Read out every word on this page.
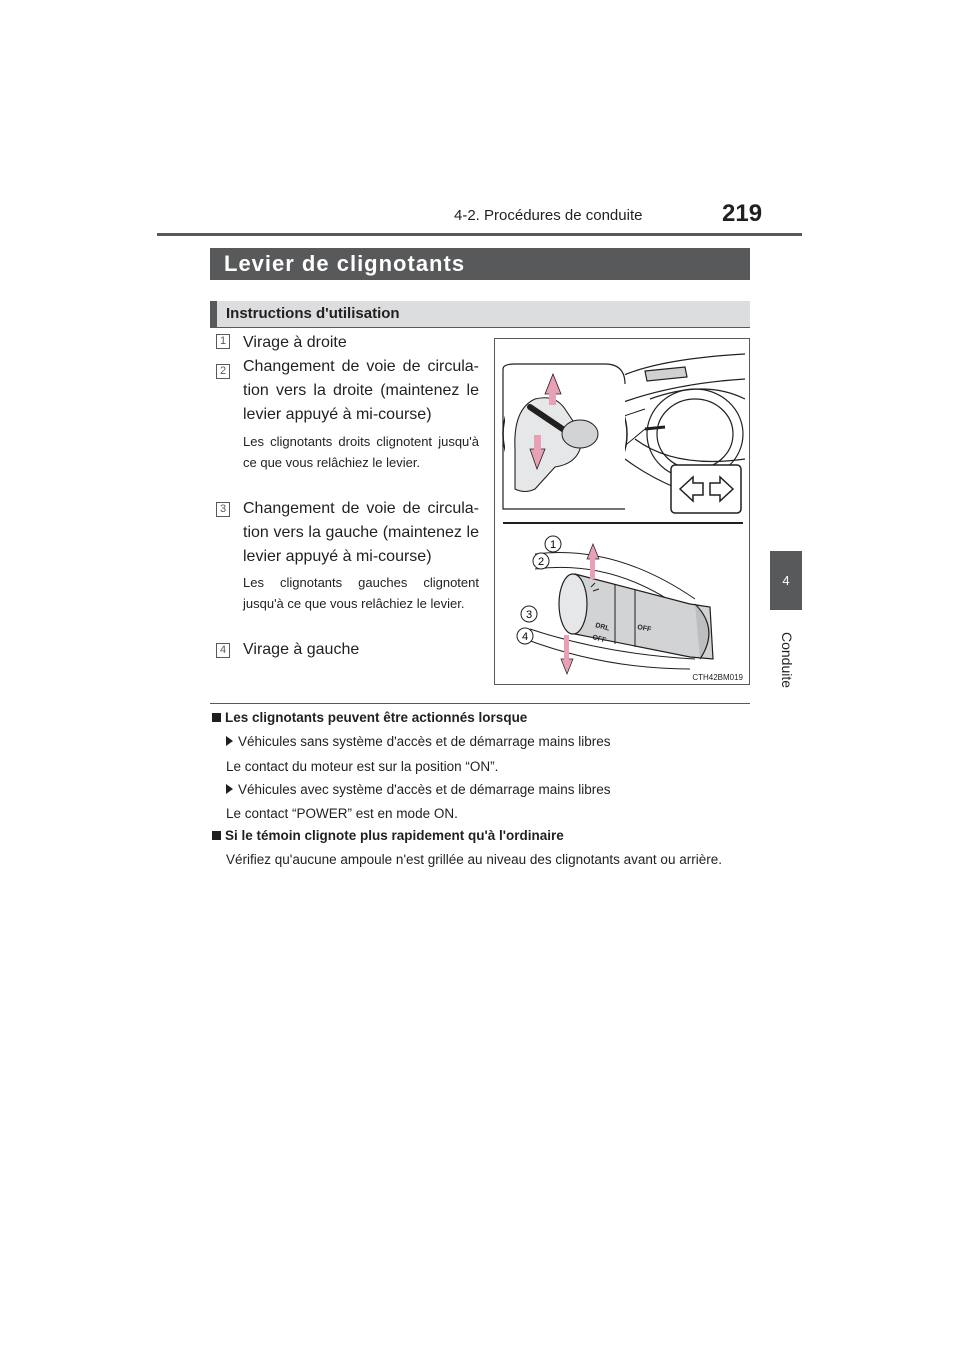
4-2. Procédures de conduite	219
4
Conduite
Levier de clignotants
Instructions d'utilisation
1 Virage à droite
2 Changement de voie de circula-tion vers la droite (maintenez le levier appuyé à mi-course)
Les clignotants droits clignotent jusqu'à ce que vous relâchiez le levier.
3 Changement de voie de circula-tion vers la gauche (maintenez le levier appuyé à mi-course)
Les clignotants gauches clignotent jusqu'à ce que vous relâchiez le levier.
4 Virage à gauche
DRL
OFF
OFF
1
2
3
4
CTH42BM019
Les clignotants peuvent être actionnés lorsque
Véhicules sans système d'accès et de démarrage mains libres
Le contact du moteur est sur la position “ON”.
Véhicules avec système d'accès et de démarrage mains libres
Le contact “POWER” est en mode ON.
Si le témoin clignote plus rapidement qu'à l'ordinaire
Vérifiez qu'aucune ampoule n'est grillée au niveau des clignotants avant ou arrière.
